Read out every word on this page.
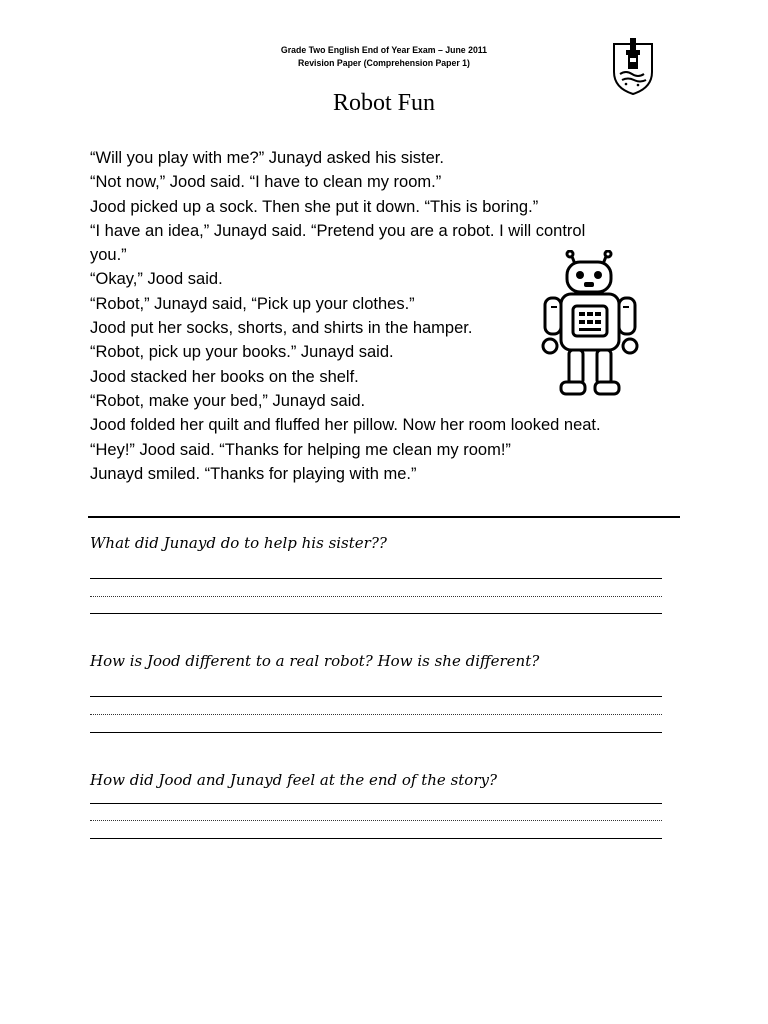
Grade Two English End of Year Exam – June 2011
Revision Paper (Comprehension Paper 1)
Robot Fun
“Will you play with me?” Junayd asked his sister.
“Not now,” Jood said. “I have to clean my room.”
Jood picked up a sock. Then she put it down. “This is boring.”
“I have an idea,” Junayd said. “Pretend you are a robot. I will control
you.”
“Okay,” Jood said.
“Robot,” Junayd said, “Pick up your clothes.”
Jood put her socks, shorts, and shirts in the hamper.
“Robot, pick up your books.” Junayd said.
Jood stacked her books on the shelf.
“Robot, make your bed,” Junayd said.
Jood folded her quilt and fluffed her pillow. Now her room looked neat.
“Hey!” Jood said. “Thanks for helping me clean my room!”
Junayd smiled. “Thanks for playing with me.”
What did Junayd do to help his sister??
How is Jood different to a real robot? How is she different?
How did Jood and Junayd feel at the end of the story?
